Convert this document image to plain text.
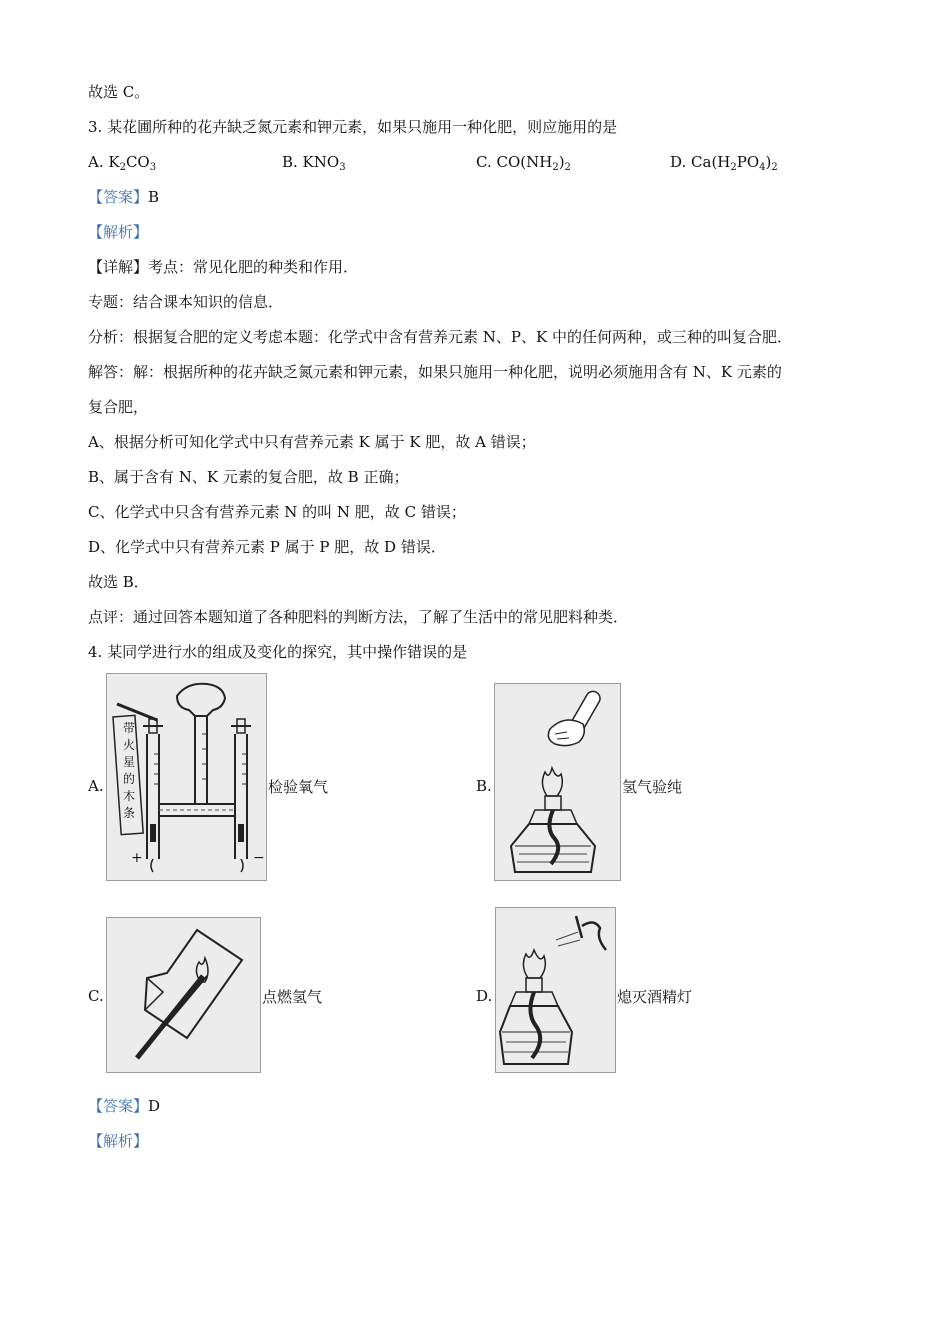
故选 C。
3. 某花圃所种的花卉缺乏氮元素和钾元素，如果只施用一种化肥，则应施用的是
A. $K_2CO_3$	B. $KNO_3$	C. $CO(NH_2)_2$	D. $Ca(H_2PO_4)_2$
【答案】B
【解析】
【详解】考点：常见化肥的种类和作用．
专题：结合课本知识的信息．
分析：根据复合肥的定义考虑本题：化学式中含有营养元素 N、P、K 中的任何两种，或三种的叫复合肥．
解答：解：根据所种的花卉缺乏氮元素和钾元素，如果只施用一种化肥，说明必须施用含有 N、K 元素的
复合肥，
A、根据分析可知化学式中只有营养元素 K 属于 K 肥，故 A 错误；
B、属于含有 N、K 元素的复合肥，故 B 正确；
C、化学式中只含有营养元素 N 的叫 N 肥，故 C 错误；
D、化学式中只有营养元素 P 属于 P 肥，故 D 错误．
故选 B．
点评：通过回答本题知道了各种肥料的判断方法，了解了生活中的常见肥料种类．
4. 某同学进行水的组成及变化的探究，其中操作错误的是
A.
带
火
星
的
木
条
+	−
检验氧气	B.	氢气验纯
C.	点燃氢气	D.	熄灭酒精灯
【答案】D
【解析】
